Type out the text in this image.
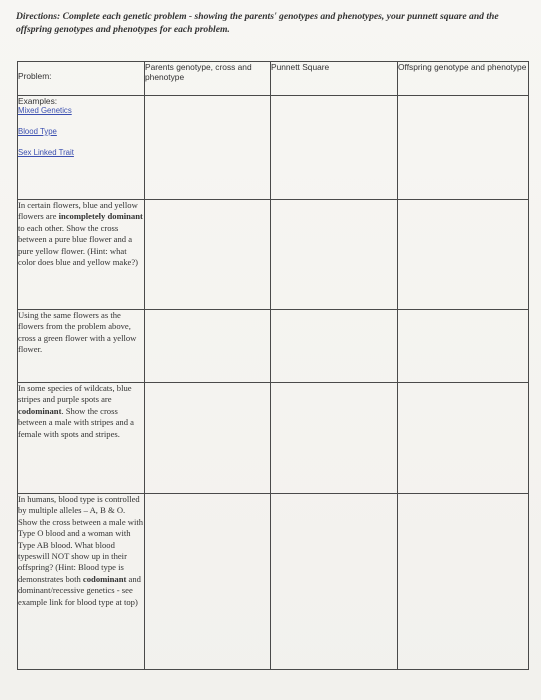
Directions: Complete each genetic problem - showing the parents' genotypes and phenotypes, your punnett square and the offspring genotypes and phenotypes for each problem.
Problem:	Parents genotype, cross and phenotype	Punnett Square	Offspring genotype and phenotype

Examples:
Mixed Genetics
Blood Type
Sex Linked Trait			

In certain flowers, blue and yellow flowers are incompletely dominant to each other. Show the cross between a pure blue flower and a pure yellow flower. (Hint: what color does blue and yellow make?)			
Using the same flowers as the flowers from the problem above, cross a green flower with a yellow flower.			
In some species of wildcats, blue stripes and purple spots are codominant. Show the cross between a male with stripes and a female with spots and stripes.			
In humans, blood type is controlled by multiple alleles – A, B & O. Show the cross between a male with Type O blood and a woman with Type AB blood. What blood typeswill NOT show up in their offspring? (Hint: Blood type is demonstrates both codominant and dominant/recessive genetics - see example link for blood type at top)			
